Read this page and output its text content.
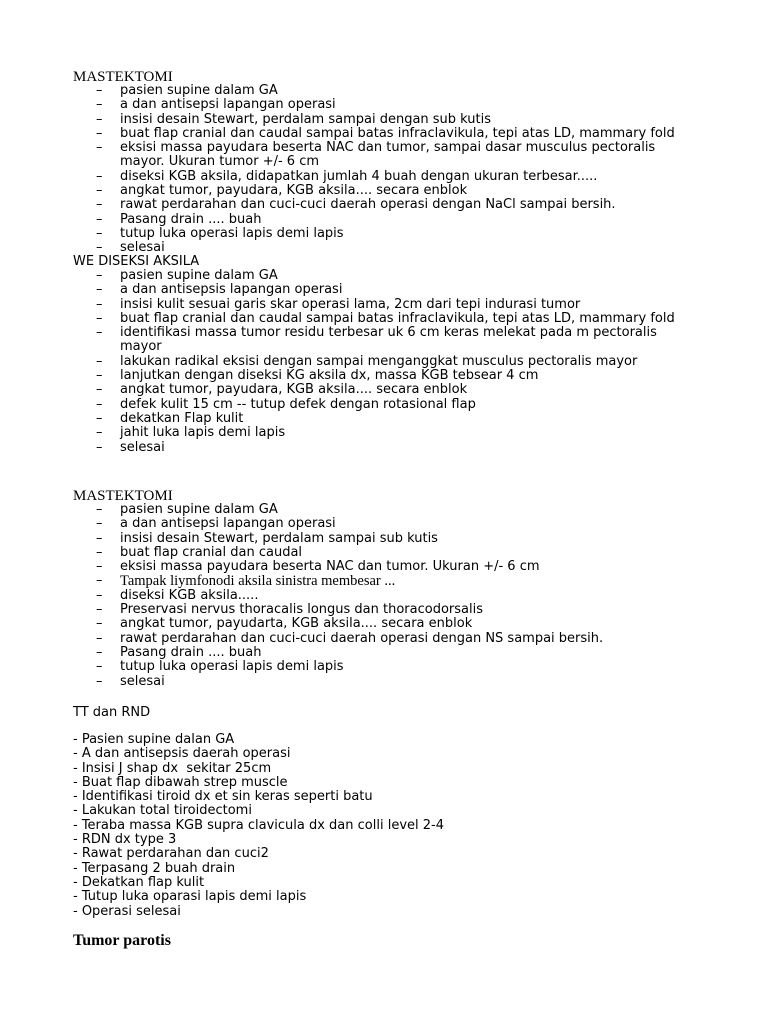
MASTEKTOMI
–	pasien supine dalam GA
–	a dan antisepsi lapangan operasi
–	insisi desain Stewart, perdalam sampai dengan sub kutis
–	buat flap cranial dan caudal sampai batas infraclavikula, tepi atas LD, mammary fold
–	eksisi massa payudara beserta NAC dan tumor, sampai dasar musculus pectoralis mayor. Ukuran tumor +/- 6 cm
–	diseksi KGB aksila, didapatkan jumlah 4 buah dengan ukuran terbesar.....
–	angkat tumor, payudara, KGB aksila.... secara enblok
–	rawat perdarahan dan cuci-cuci daerah operasi dengan NaCl sampai bersih.
–	Pasang drain .... buah
–	tutup luka operasi lapis demi lapis
–	selesai
WE DISEKSI AKSILA
–	pasien supine dalam GA
–	a dan antisepsis lapangan operasi
–	insisi kulit sesuai garis skar operasi lama, 2cm dari tepi indurasi tumor
–	buat flap cranial dan caudal sampai batas infraclavikula, tepi atas LD, mammary fold
–	identifikasi massa tumor residu terbesar uk 6 cm keras melekat pada m pectoralis mayor
–	lakukan radikal eksisi dengan sampai menganggkat musculus pectoralis mayor
–	lanjutkan dengan diseksi KG aksila dx, massa KGB tebsear 4 cm
–	angkat tumor, payudara, KGB aksila.... secara enblok
–	defek kulit 15 cm -- tutup defek dengan rotasional flap
–	dekatkan Flap kulit
–	jahit luka lapis demi lapis
–	selesai
MASTEKTOMI
–	pasien supine dalam GA
–	a dan antisepsi lapangan operasi
–	insisi desain Stewart, perdalam sampai sub kutis
–	buat flap cranial dan caudal
–	eksisi massa payudara beserta NAC dan tumor. Ukuran +/- 6 cm
–	Tampak liymfonodi aksila sinistra membesar ...
–	diseksi KGB aksila.....
–	Preservasi nervus thoracalis longus dan thoracodorsalis
–	angkat tumor, payudarta, KGB aksila.... secara enblok
–	rawat perdarahan dan cuci-cuci daerah operasi dengan NS sampai bersih.
–	Pasang drain .... buah
–	tutup luka operasi lapis demi lapis
–	selesai
TT dan RND
- Pasien supine dalan GA
- A dan antisepsis daerah operasi
- Insisi J shap dx  sekitar 25cm
- Buat flap dibawah strep muscle
- Identifikasi tiroid dx et sin keras seperti batu
- Lakukan total tiroidectomi
- Teraba massa KGB supra clavicula dx dan colli level 2-4
- RDN dx type 3
- Rawat perdarahan dan cuci2
- Terpasang 2 buah drain
- Dekatkan flap kulit
- Tutup luka oparasi lapis demi lapis
- Operasi selesai
Tumor parotis
